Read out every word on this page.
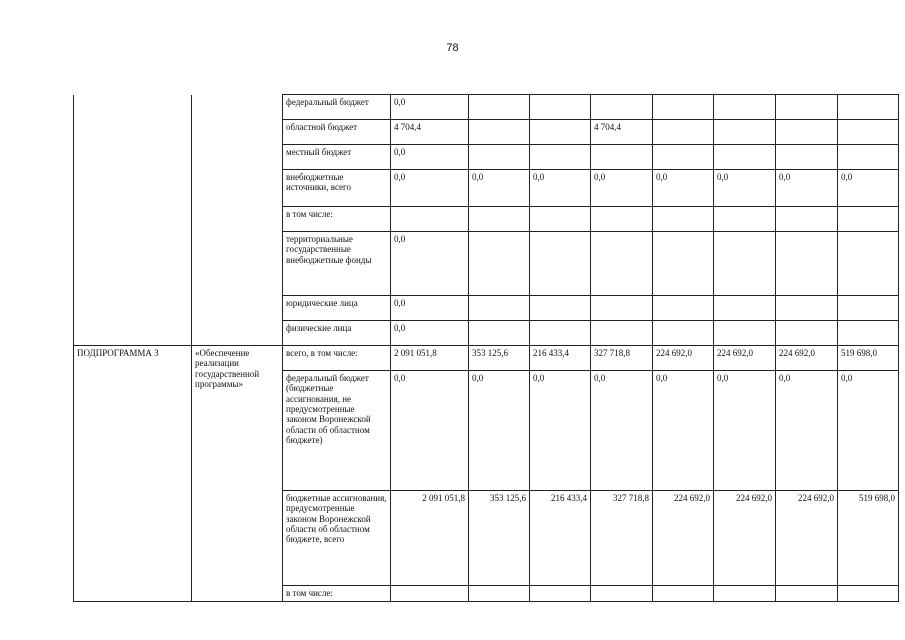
78
		федеральный бюджет	0,0							
		областной бюджет	4 704,4			4 704,4				
		местный бюджет	0,0							
		внебюджетные источники, всего	0,0	0,0	0,0	0,0	0,0	0,0	0,0	0,0
		в том числе:								
		территориальные государственные внебюджетные фонды	0,0							
		юридические лица	0,0							
		физические лица	0,0							
ПОДПРОГРАММА 3	«Обеспечение реализации государственной программы»	всего, в том числе:	2 091 051,8	353 125,6	216 433,4	327 718,8	224 692,0	224 692,0	224 692,0	519 698,0
		федеральный бюджет (бюджетные ассигнования, не предусмотренные законом Воронежской области об областном бюджете)	0,0	0,0	0,0	0,0	0,0	0,0	0,0	0,0
		бюджетные ассигнования, предусмотренные законом Воронежской области об областном бюджете, всего	2 091 051,8	353 125,6	216 433,4	327 718,8	224 692,0	224 692,0	224 692,0	519 698,0
		в том числе:								
